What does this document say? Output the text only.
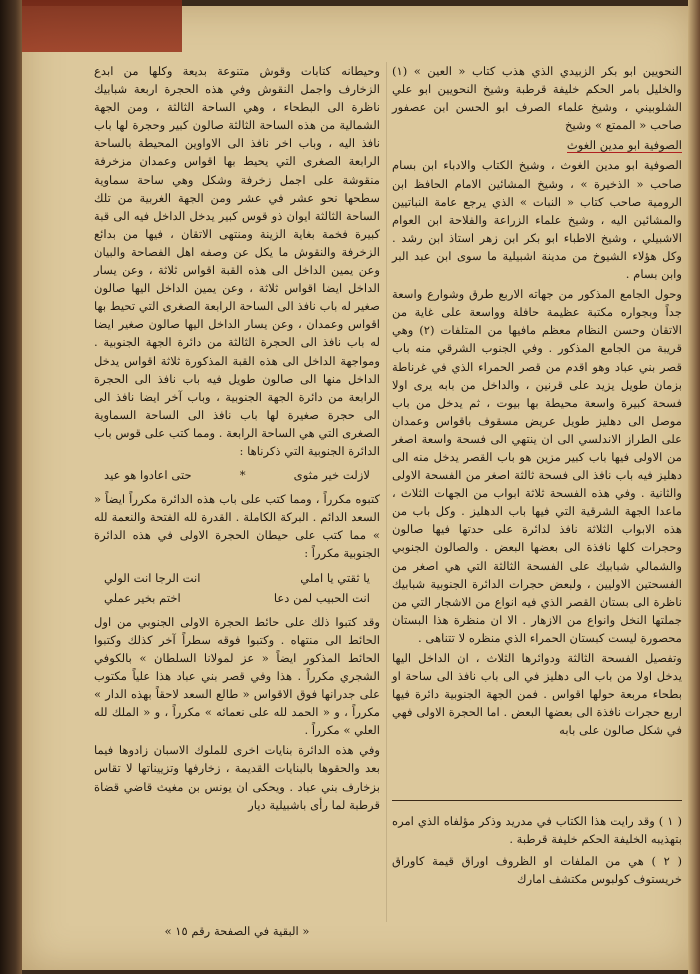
النحويين ابو بكر الزبيدي الذي هذب كتاب « العين » (١) والخليل بامر الحكم خليفة قرطبة وشيخ النحويين ابو علي الشلوبيني ، وشيخ علماء الصرف ابو الحسن ابن عصفور صاحب « الممتع » وشيخ

الصوفية ابو مدين الغوث

الصوفية ابو مدين الغوث ، وشيخ الكتاب والادباء ابن بسام صاحب « الذخيرة » ، وشيخ المشائين الامام الحافظ ابن الرومية صاحب كتاب « النبات » الذي يرجع عامة النباتيين والمشائين اليه ، وشيخ علماء الزراعة والفلاحة ابن العوام الاشبيلي ، وشيخ الاطباء ابو بكر ابن زهر استاذ ابن رشد . وكل هؤلاء الشيوخ من مدينة اشبيلية ما سوى ابن عبد البر وابن بسام .

وحول الجامع المذكور من جهاته الاربع طرق وشوارع واسعة جداً وبجواره مكتبة عظيمة حافلة وواسعة على غاية من الاتقان وحسن النظام معظم مافيها من المتلفات (٢) وهي قريبة من الجامع المذكور . وفي الجنوب الشرقي منه باب قصر بني عباد وهو اقدم من قصر الحمراء الذي في غرناطة بزمان طويل يزيد على قرنين ، والداخل من بابه يرى اولا فسحة كبيرة واسعة محيطة بها بيوت ، ثم يدخل من باب موصل الى دهليز طويل عريض مسقوف باقواس وعمدان على الطراز الاندلسي الى ان ينتهي الى فسحة واسعة اصغر من الاولى فيها باب كبير مزين هو باب القصر يدخل منه الى دهليز فيه باب نافذ الى فسحة ثالثة اصغر من الفسحة الاولى والثانية . وفي هذه الفسحة ثلاثة ابواب من الجهات الثلاث ، ماعدا الجهة الشرقية التي فيها باب الدهليز . وكل باب من هذه الابواب الثلاثة نافذ لدائرة على حدتها فيها صالون وحجرات كلها نافذة الى بعضها البعض . والصالون الجنوبي والشمالي شبابيك على الفسحة الثالثة التي هي اصغر من الفسحتين الاوليين ، ولبعض حجرات الدائرة الجنوبية شبابيك ناظرة الى بستان القصر الذي فيه انواع من الاشجار التي من جملتها النخل وانواع من الازهار . الا ان منظرة هذا البستان محصورة ليست كبستان الحمراء الذي منظره لا تتناهى .

وتفصيل الفسحة الثالثة ودوائرها الثلاث ، ان الداخل اليها يدخل اولا من باب الى دهليز في الى باب نافذ الى ساحة او بطحاء مربعة حولها اقواس . فمن الجهة الجنوبية دائرة فيها اربع حجرات نافذة الى بعضها البعض . اما الحجرة الاولى فهي في شكل صالون على بابه

وحيطانه كتابات وقوش متنوعة بديعة وكلها من ابدع الزخارف واجمل النقوش وفي هذه الحجرة اربعة شبابيك ناظرة الى البطحاء ، وهي الساحة الثالثة ، ومن الجهة الشمالية من هذه الساحة الثالثة صالون كبير وحجرة لها باب نافذ اليه ، وباب اخر نافذ الى الاواوين المحيطة بالساحة الرابعة الصغرى التي يحيط بها اقواس وعمدان مزخرفة منقوشة على اجمل زخرفة وشكل وهي ساحة سماوية سطحها نحو عشر في عشر ومن الجهة الغربية من تلك الساحة الثالثة ايوان ذو قوس كبير يدخل الداخل فيه الى قبة كبيرة فخمة بغاية الزينة ومنتهى الاتقان ، فيها من بدائع الزخرفة والنقوش ما يكل عن وصفه اهل الفصاحة والبيان وعن يمين الداخل الى هذه القبة اقواس ثلاثة ، وعن يسار الداخل ايضا اقواس ثلاثة ، وعن يمين الداخل اليها صالون صغير له باب نافذ الى الساحة الرابعة الصغرى التي تحيط بها اقواس وعمدان ، وعن يسار الداخل اليها صالون صغير ايضا له باب نافذ الى الحجرة الثالثة من دائرة الجهة الجنوبية . ومواجهة الداخل الى هذه القبة المذكورة ثلاثة اقواس يدخل الداخل منها الى صالون طويل فيه باب نافذ الى الحجرة الرابعة من دائرة الجهة الجنوبية ، وباب آخر ايضا نافذ الى الى حجرة صغيرة لها باب نافذ الى الساحة السماوية الصغرى التي هي الساحة الرابعة . ومما كتب على قوس باب الدائرة الجنوبية التي ذكرناها :

لازلت خير مثوى
*
حتى اعادوا هو عيد

كتبوه مكرراً ، ومما كتب على باب هذه الدائرة مكرراً ايضاً « السعد الدائم . البركة الكاملة . القدرة لله الفتحة والنعمة لله » مما كتب على حيطان الحجرة الاولى في هذه الدائرة الجنوبية مكرراً :

يا ثقتي يا املي
انت الرجا انت الولي
انت الحبيب لمن دعا
اختم بخير عملي

وقد كتبوا ذلك على حائط الحجرة الاولى الجنوبي من اول الحائط الى منتهاه . وكتبوا فوقه سطراً آخر كذلك وكتبوا الحائط المذكور ايضاً « عز لمولانا السلطان » بالكوفي الشجري مكرراً . هذا وفي قصر بني عباد هذا علياً مكتوب على جدرانها فوق الاقواس « طالع السعد لاحقاً بهذه الدار » مكرراً ، و « الحمد لله على نعمائه » مكرراً ، و « الملك لله العلي » مكرراً .

وفي هذه الدائرة بنايات اخرى للملوك الاسبان زادوها فيما بعد والحقوها بالبنايات القديمة ، زخارفها وتزييناتها لا تقاس بزخارف بني عباد . ويحكى ان يونس بن مغيث قاضي قضاة قرطبة لما رأى باشبيلية ديار

« البقية في الصفحة رقم ١٥ »

( ١ ) وقد رايت هذا الكتاب في مدريد وذكر مؤلفاه الذي امره بتهذيبه الخليفة الحكم خليفة قرطبة .

( ٢ ) هي من الملفات او الظروف اوراق قيمة كاوراق خريستوف كولبوس مكتشف امارك
